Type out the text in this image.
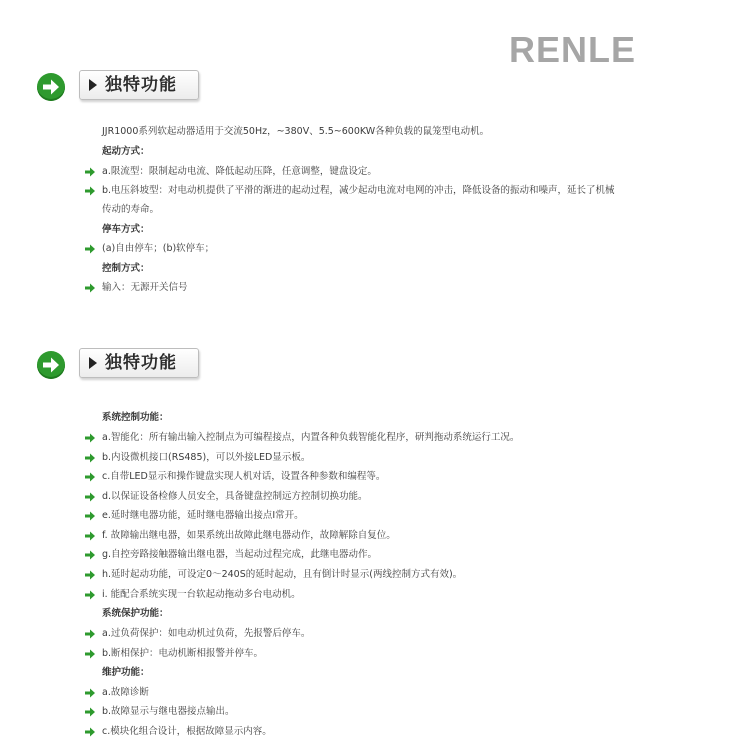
RENLE
独特功能
JJR1000系列软起动器适用于交流50Hz，~380V、5.5~600KW各种负载的鼠笼型电动机。
起动方式：
a.限流型：限制起动电流、降低起动压降，任意调整，键盘设定。
b.电压斜坡型：对电动机提供了平滑的渐进的起动过程，减少起动电流对电网的冲击，降低设备的振动和噪声，延长了机械
传动的寿命。
停车方式：
(a)自由停车；(b)软停车；
控制方式：
输入：无源开关信号
独特功能
系统控制功能：
a.智能化：所有输出输入控制点为可编程接点，内置各种负载智能化程序，研判拖动系统运行工况。
b.内设微机接口(RS485)，可以外接LED显示板。
c.自带LED显示和操作键盘实现人机对话，设置各种参数和编程等。
d.以保证设备检修人员安全，具备键盘控制远方控制切换功能。
e.延时继电器功能，延时继电器输出接点I常开。
f. 故障输出继电器，如果系统出故障此继电器动作，故障解除自复位。
g.自控旁路接触器输出继电器，当起动过程完成，此继电器动作。
h.延时起动功能，可设定0～240S的延时起动，且有倒计时显示(两线控制方式有效)。
i. 能配合系统实现一台软起动拖动多台电动机。
系统保护功能：
a.过负荷保护：如电动机过负荷，先报警后停车。
b.断相保护：电动机断相报警并停车。
维护功能：
a.故障诊断
b.故障显示与继电器接点输出。
c.模块化组合设计，根据故障显示内容。
